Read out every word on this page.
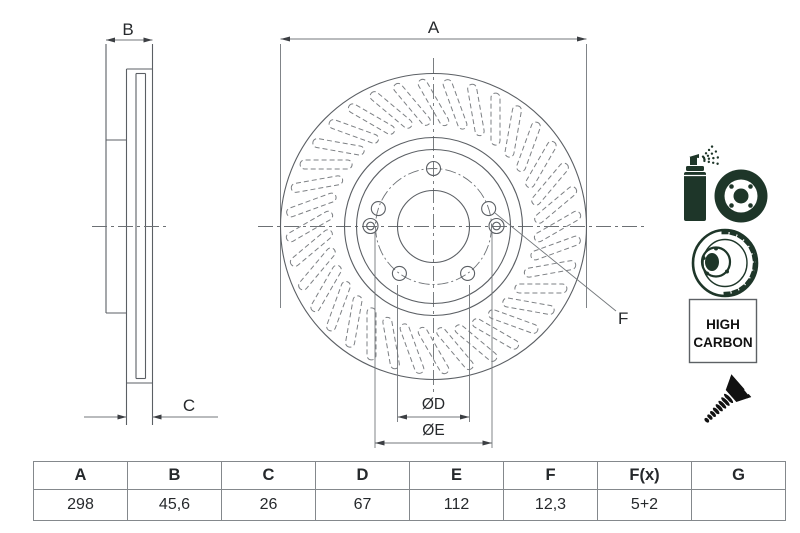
B
C
A
ØD
ØE
F	HIGH
CARBON
A	B	C	D	E	F	F(x)	G
298	45,6	26	67	112	12,3	5+2	
